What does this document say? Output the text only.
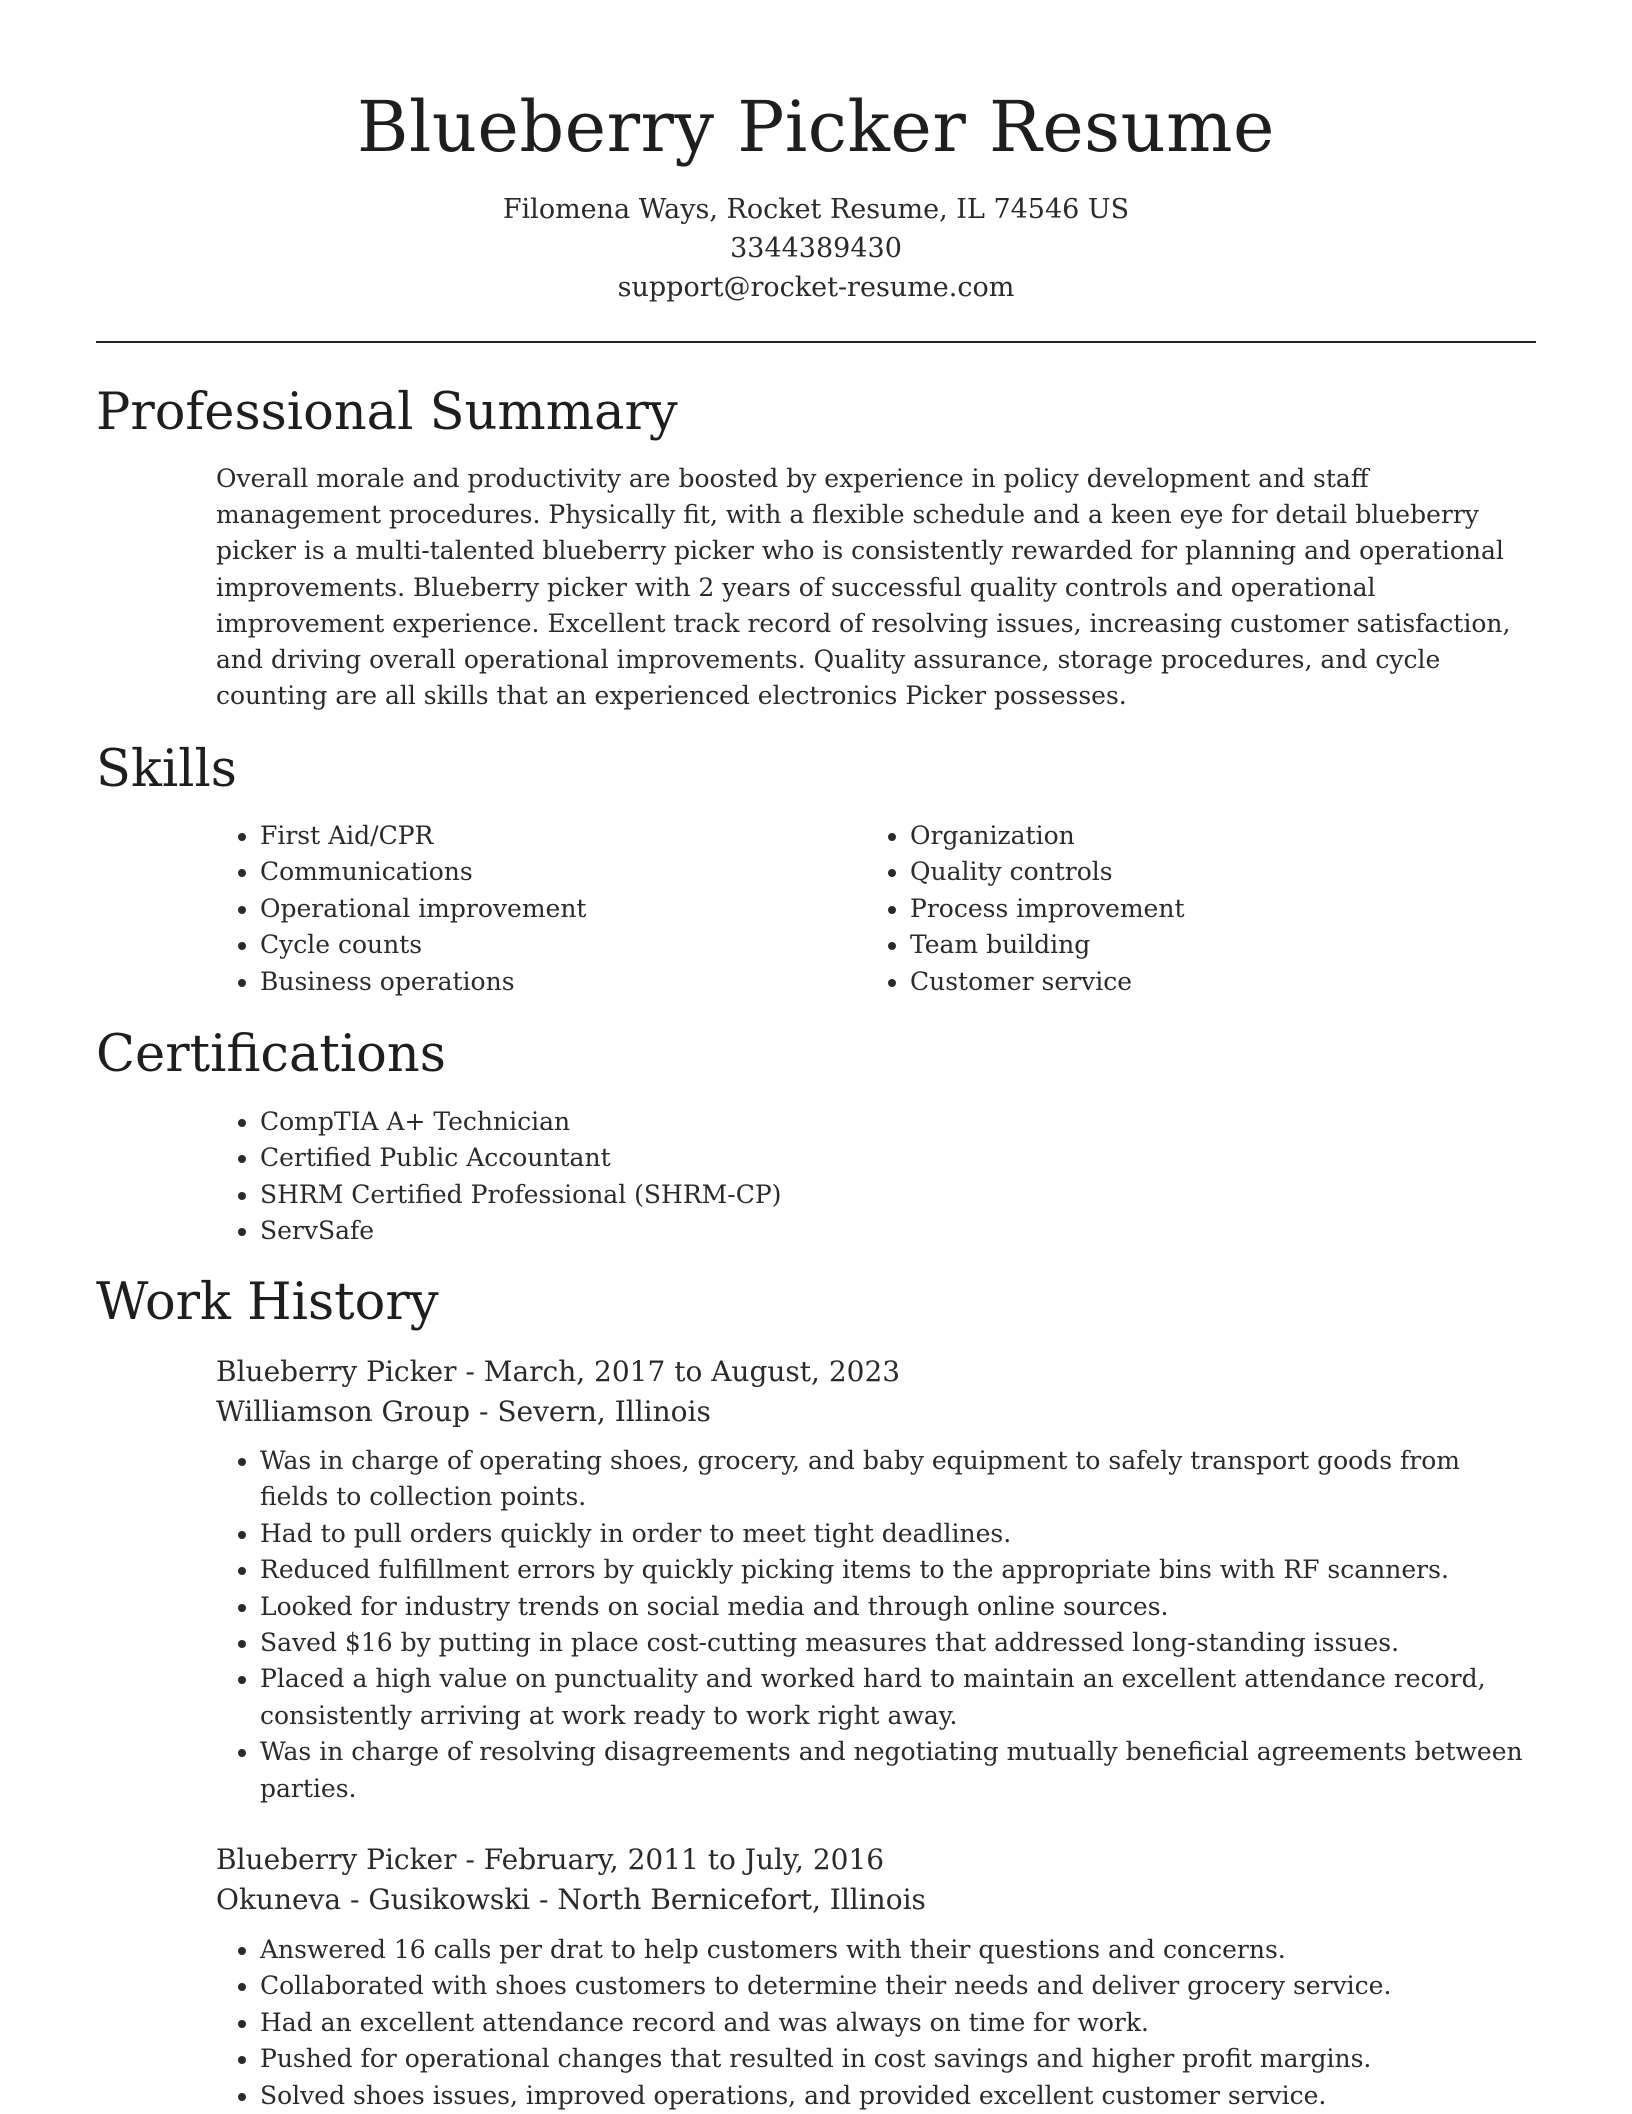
Blueberry Picker Resume
Filomena Ways, Rocket Resume, IL 74546 US
3344389430
support@rocket-resume.com
Professional Summary

Overall morale and productivity are boosted by experience in policy development and staff management procedures. Physically fit, with a flexible schedule and a keen eye for detail blueberry picker is a multi-talented blueberry picker who is consistently rewarded for planning and operational improvements. Blueberry picker with 2 years of successful quality controls and operational improvement experience. Excellent track record of resolving issues, increasing customer satisfaction, and driving overall operational improvements. Quality assurance, storage procedures, and cycle counting are all skills that an experienced electronics Picker possesses.

Skills
• First Aid/CPR
• Communications
• Operational improvement
• Cycle counts
• Business operations
• Organization
• Quality controls
• Process improvement
• Team building
• Customer service
Certifications
• CompTIA A+ Technician
• Certified Public Accountant
• SHRM Certified Professional (SHRM-CP)
• ServSafe
Work History
Blueberry Picker - March, 2017 to August, 2023
Williamson Group - Severn, Illinois
• Was in charge of operating shoes, grocery, and baby equipment to safely transport goods from fields to collection points.
• Had to pull orders quickly in order to meet tight deadlines.
• Reduced fulfillment errors by quickly picking items to the appropriate bins with RF scanners.
• Looked for industry trends on social media and through online sources.
• Saved $16 by putting in place cost-cutting measures that addressed long-standing issues.
• Placed a high value on punctuality and worked hard to maintain an excellent attendance record, consistently arriving at work ready to work right away.
• Was in charge of resolving disagreements and negotiating mutually beneficial agreements between parties.
Blueberry Picker - February, 2011 to July, 2016
Okuneva - Gusikowski - North Bernicefort, Illinois
• Answered 16 calls per drat to help customers with their questions and concerns.
• Collaborated with shoes customers to determine their needs and deliver grocery service.
• Had an excellent attendance record and was always on time for work.
• Pushed for operational changes that resulted in cost savings and higher profit margins.
• Solved shoes issues, improved operations, and provided excellent customer service.
